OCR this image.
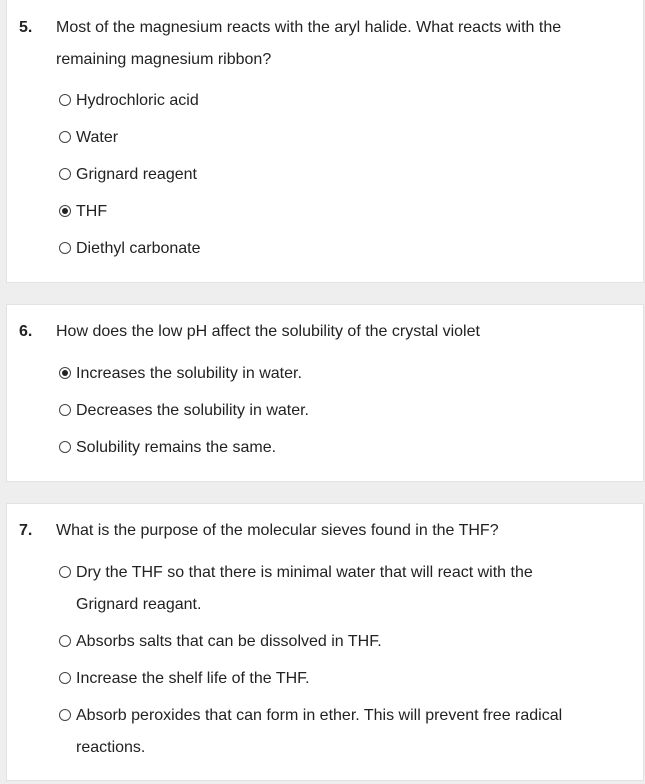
5. Most of the magnesium reacts with the aryl halide. What reacts with the remaining magnesium ribbon?
Hydrochloric acid
Water
Grignard reagent
THF
Diethyl carbonate
6. How does the low pH affect the solubility of the crystal violet
Increases the solubility in water.
Decreases the solubility in water.
Solubility remains the same.
7. What is the purpose of the molecular sieves found in the THF?
Dry the THF so that there is minimal water that will react with the Grignard reagant.
Absorbs salts that can be dissolved in THF.
Increase the shelf life of the THF.
Absorb peroxides that can form in ether. This will prevent free radical reactions.
